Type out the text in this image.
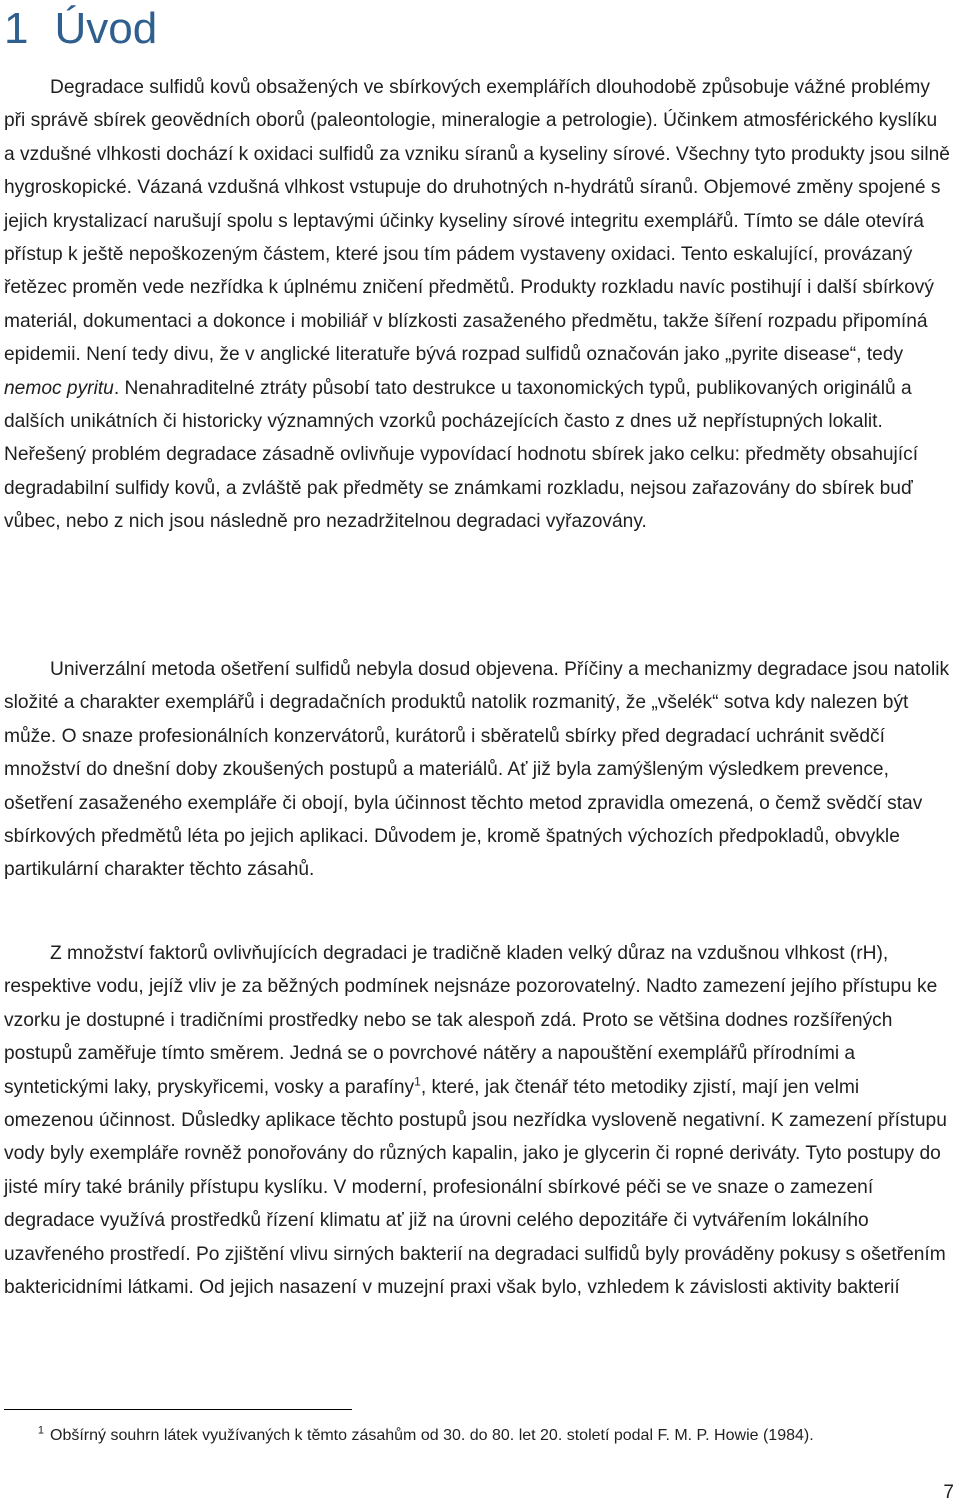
1 Úvod

Degradace sulfidů kovů obsažených ve sbírkových exemplářích dlouhodobě způsobuje vážné problémy při správě sbírek geovědních oborů (paleontologie, mineralogie a petrologie). Účinkem atmosférického kyslíku a vzdušné vlhkosti dochází k oxidaci sulfidů za vzniku síranů a kyseliny sírové. Všechny tyto produkty jsou silně hygroskopické. Vázaná vzdušná vlhkost vstupuje do druhotných n-hydrátů síranů. Objemové změny spojené s jejich krystalizací narušují spolu s leptavými účinky kyseliny sírové integritu exemplářů. Tímto se dále otevírá přístup k ještě nepoškozeným částem, které jsou tím pádem vystaveny oxidaci. Tento eskalující, provázaný řetězec proměn vede nezřídka k úplnému zničení předmětů. Produkty rozkladu navíc postihují i další sbírkový materiál, dokumentaci a dokonce i mobiliář v blízkosti zasaženého předmětu, takže šíření rozpadu připomíná epidemii. Není tedy divu, že v anglické literatuře bývá rozpad sulfidů označován jako „pyrite disease“, tedy nemoc pyritu. Nenahraditelné ztráty působí tato destrukce u taxonomických typů, publikovaných originálů a dalších unikátních či historicky významných vzorků pocházejících často z dnes už nepřístupných lokalit. Neřešený problém degradace zásadně ovlivňuje vypovídací hodnotu sbírek jako celku: předměty obsahující degradabilní sulfidy kovů, a zvláště pak předměty se známkami rozkladu, nejsou zařazovány do sbírek buď vůbec, nebo z nich jsou následně pro nezadržitelnou degradaci vyřazovány.

Univerzální metoda ošetření sulfidů nebyla dosud objevena. Příčiny a mechanizmy degradace jsou natolik složité a charakter exemplářů i degradačních produktů natolik rozmanitý, že „všelék“ sotva kdy nalezen být může. O snaze profesionálních konzervátorů, kurátorů i sběratelů sbírky před degradací uchránit svědčí množství do dnešní doby zkoušených postupů a materiálů. Ať již byla zamýšleným výsledkem prevence, ošetření zasaženého exempláře či obojí, byla účinnost těchto metod zpravidla omezená, o čemž svědčí stav sbírkových předmětů léta po jejich aplikaci. Důvodem je, kromě špatných výchozích předpokladů, obvykle partikulární charakter těchto zásahů.

Z množství faktorů ovlivňujících degradaci je tradičně kladen velký důraz na vzdušnou vlhkost (rH), respektive vodu, jejíž vliv je za běžných podmínek nejsnáze pozorovatelný. Nadto zamezení jejího přístupu ke vzorku je dostupné i tradičními prostředky nebo se tak alespoň zdá. Proto se většina dodnes rozšířených postupů zaměřuje tímto směrem. Jedná se o povrchové nátěry a napouštění exemplářů přírodními a syntetickými laky, pryskyřicemi, vosky a parafíny$^1$, které, jak čtenář této metodiky zjistí, mají jen velmi omezenou účinnost. Důsledky aplikace těchto postupů jsou nezřídka vysloveně negativní. K zamezení přístupu vody byly exempláře rovněž ponořovány do různých kapalin, jako je glycerin či ropné deriváty. Tyto postupy do jisté míry také bránily přístupu kyslíku. V moderní, profesionální sbírkové péči se ve snaze o zamezení degradace využívá prostředků řízení klimatu ať již na úrovni celého depozitáře či vytvářením lokálního uzavřeného prostředí. Po zjištění vlivu sirných bakterií na degradaci sulfidů byly prováděny pokusy s ošetřením baktericidními látkami. Od jejich nasazení v muzejní praxi však bylo, vzhledem k závislosti aktivity bakterií

$^1$ Obšírný souhrn látek využívaných k těmto zásahům od 30. do 80. let 20. století podal F. M. P. Howie (1984).

7
